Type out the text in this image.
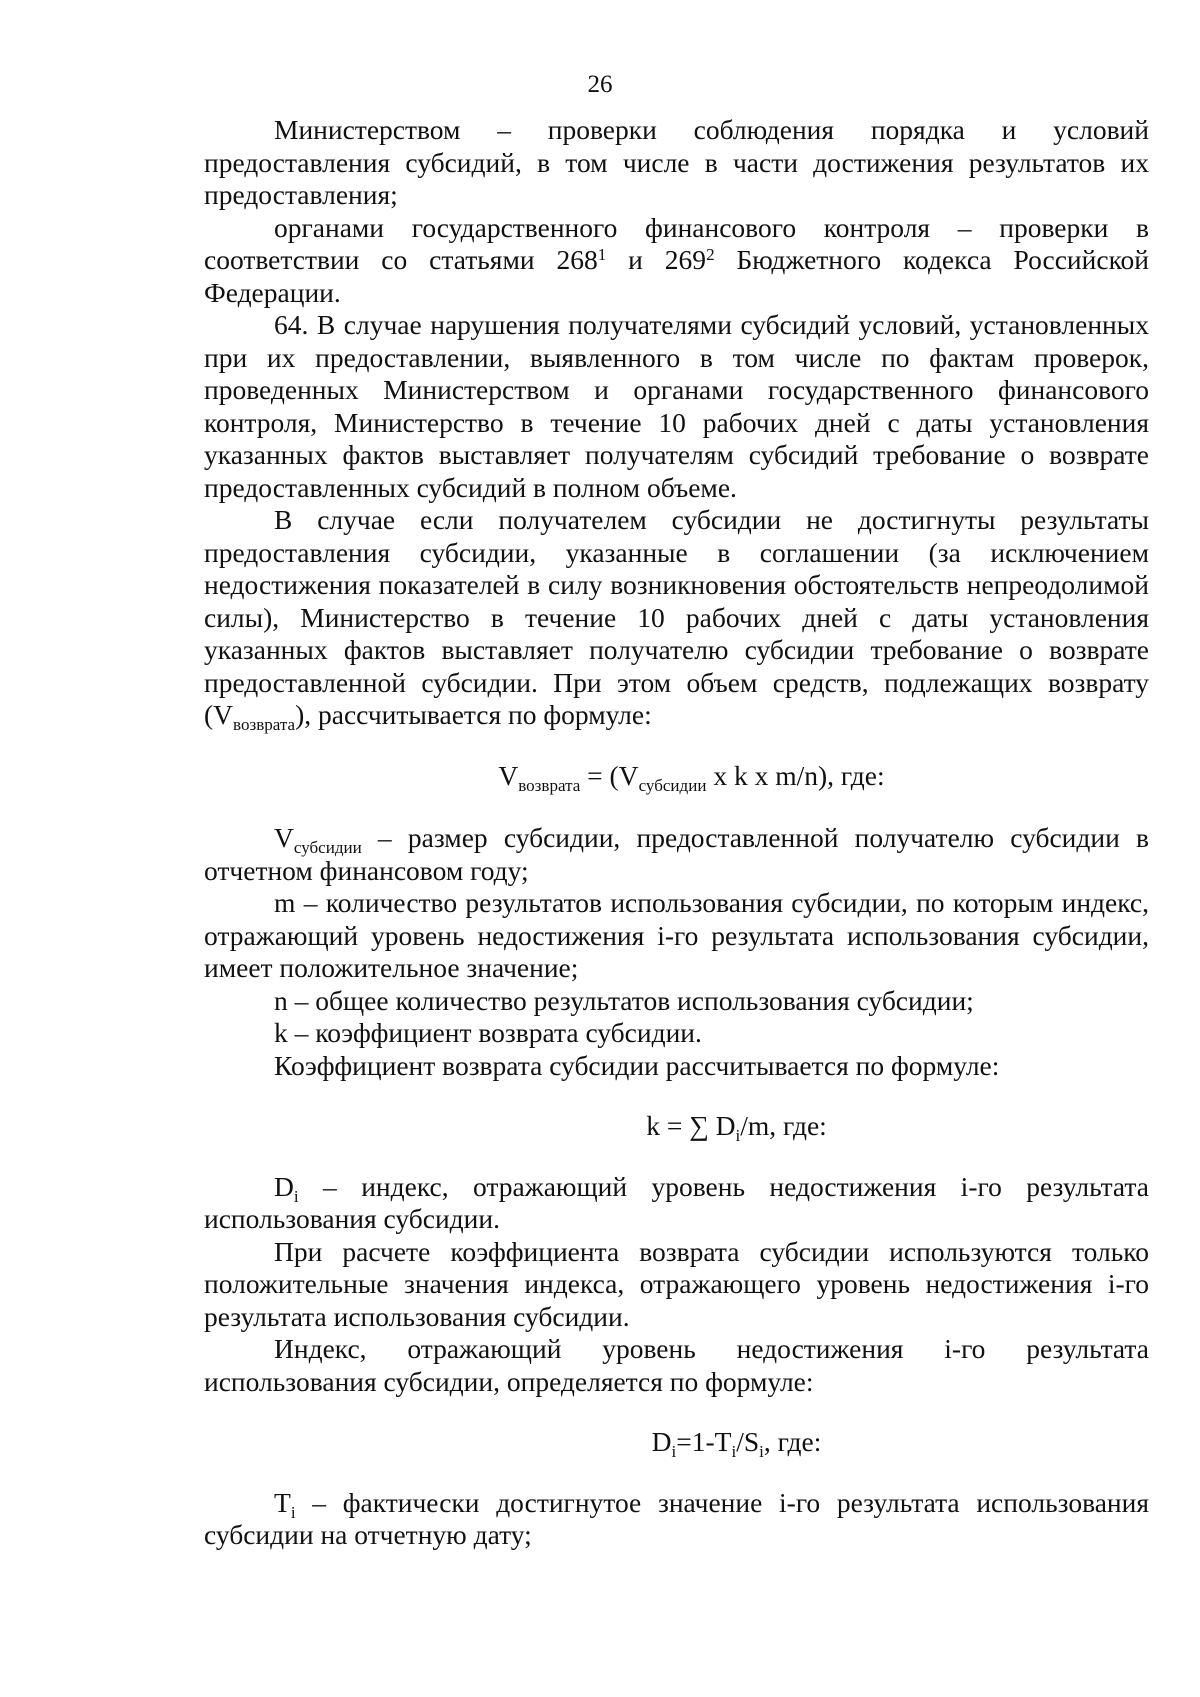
26

Министерством – проверки соблюдения порядка и условий предоставления субсидий, в том числе в части достижения результатов их предоставления;

органами государственного финансового контроля – проверки в соответствии со статьями $268^1$ и $269^2$ Бюджетного кодекса Российской Федерации.

64. В случае нарушения получателями субсидий условий, установленных при их предоставлении, выявленного в том числе по фактам проверок, проведенных Министерством и органами государственного финансового контроля, Министерство в течение 10 рабочих дней с даты установления указанных фактов выставляет получателям субсидий требование о возврате предоставленных субсидий в полном объеме.

В случае если получателем субсидии не достигнуты результаты предоставления субсидии, указанные в соглашении (за исключением недостижения показателей в силу возникновения обстоятельств непреодолимой силы), Министерство в течение 10 рабочих дней с даты установления указанных фактов выставляет получателю субсидии требование о возврате предоставленной субсидии. При этом объем средств, подлежащих возврату $(V_{возврата})$, рассчитывается по формуле:

$V_{возврата} = (V_{субсидии}$ x k x m/n), где:

$V_{субсидии}$ – размер субсидии, предоставленной получателю субсидии в отчетном финансовом году;

m – количество результатов использования субсидии, по которым индекс, отражающий уровень недостижения i-го результата использования субсидии, имеет положительное значение;

n – общее количество результатов использования субсидии;

k – коэффициент возврата субсидии.

Коэффициент возврата субсидии рассчитывается по формуле:

k = ∑ $D_i/m$, где:

$D_i$ – индекс, отражающий уровень недостижения i-го результата использования субсидии.

При расчете коэффициента возврата субсидии используются только положительные значения индекса, отражающего уровень недостижения i-го результата использования субсидии.

Индекс, отражающий уровень недостижения i-го результата использования субсидии, определяется по формуле:

$D_i=1-T_i/S_i$, где:

$T_i$ – фактически достигнутое значение i-го результата использования субсидии на отчетную дату;
